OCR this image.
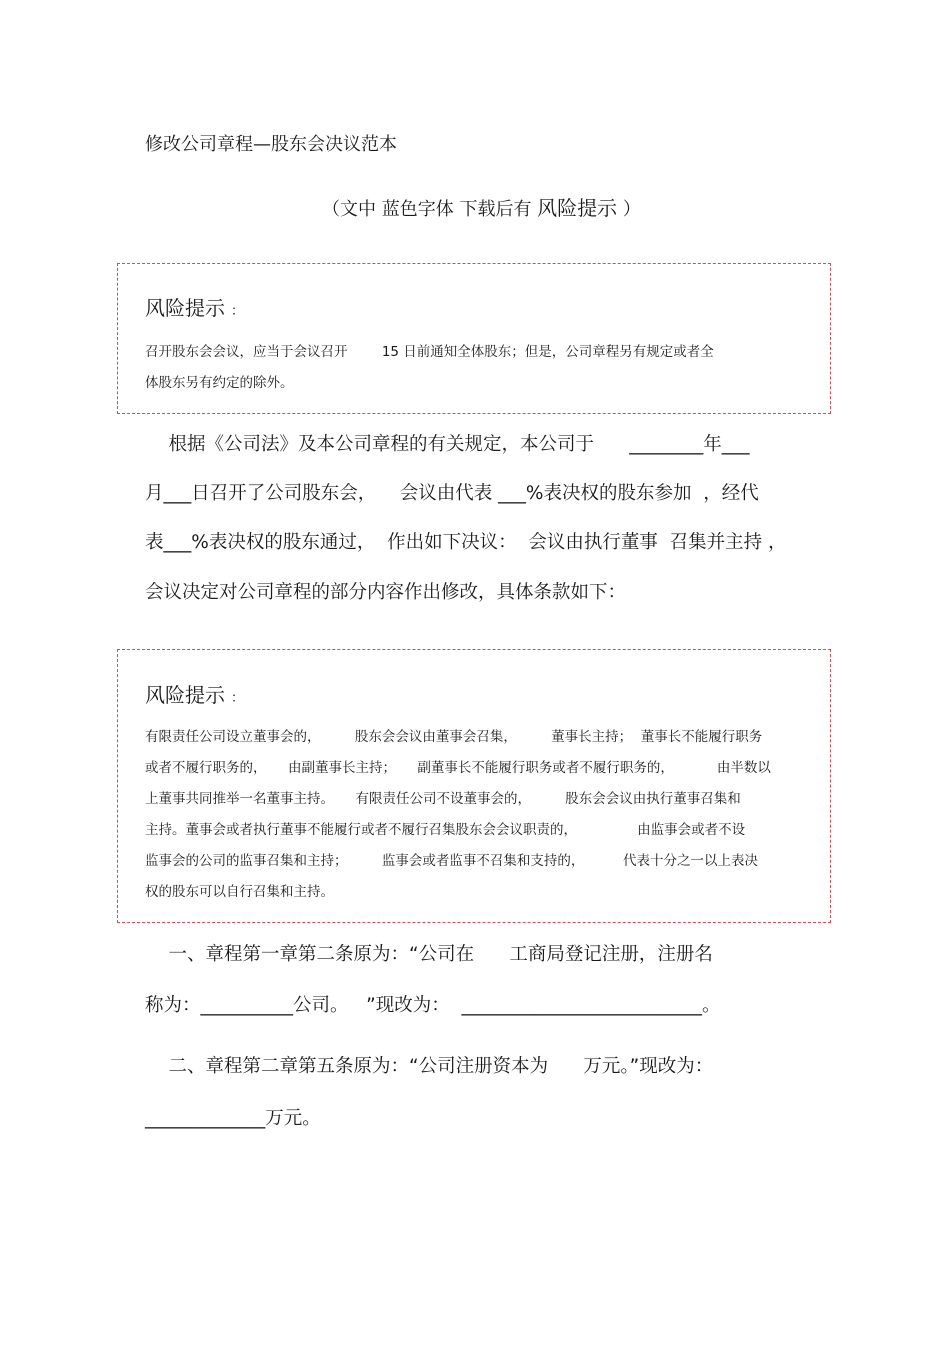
修改公司章程—股东会决议范本
（文中 蓝色字体 下载后有 风险提示 ）
风险提示 ：
召开股东会会议，应当于会议召开        15 日前通知全体股东；但是，公司章程另有规定或者全
体股东另有约定的除外。
根据《公司法》及本公司章程的有关规定，本公司于      ________年___
月___日召开了公司股东会，    会议由代表 ___%表决权的股东参加  ，经代
表___%表决权的股东通过，  作出如下决议：  会议由执行董事  召集并主持 ，
会议决定对公司章程的部分内容作出修改，具体条款如下：
风险提示 ：
有限责任公司设立董事会的，        股东会会议由董事会召集，        董事长主持；  董事长不能履行职务
或者不履行职务的，     由副董事长主持；     副董事长不能履行职务或者不履行职务的，          由半数以
上董事共同推举一名董事主持。     有限责任公司不设董事会的，        股东会会议由执行董事召集和
主持。董事会或者执行董事不能履行或者不履行召集股东会会议职责的，              由监事会或者不设
监事会的公司的监事召集和主持；        监事会或者监事不召集和支持的，         代表十分之一以上表决
权的股东可以自行召集和主持。
一、章程第一章第二条原为：“公司在      工商局登记注册，注册名
称为：__________公司。   ”现改为：  __________________________。
二、章程第二章第五条原为：“公司注册资本为      万元。”现改为：
_____________万元。
